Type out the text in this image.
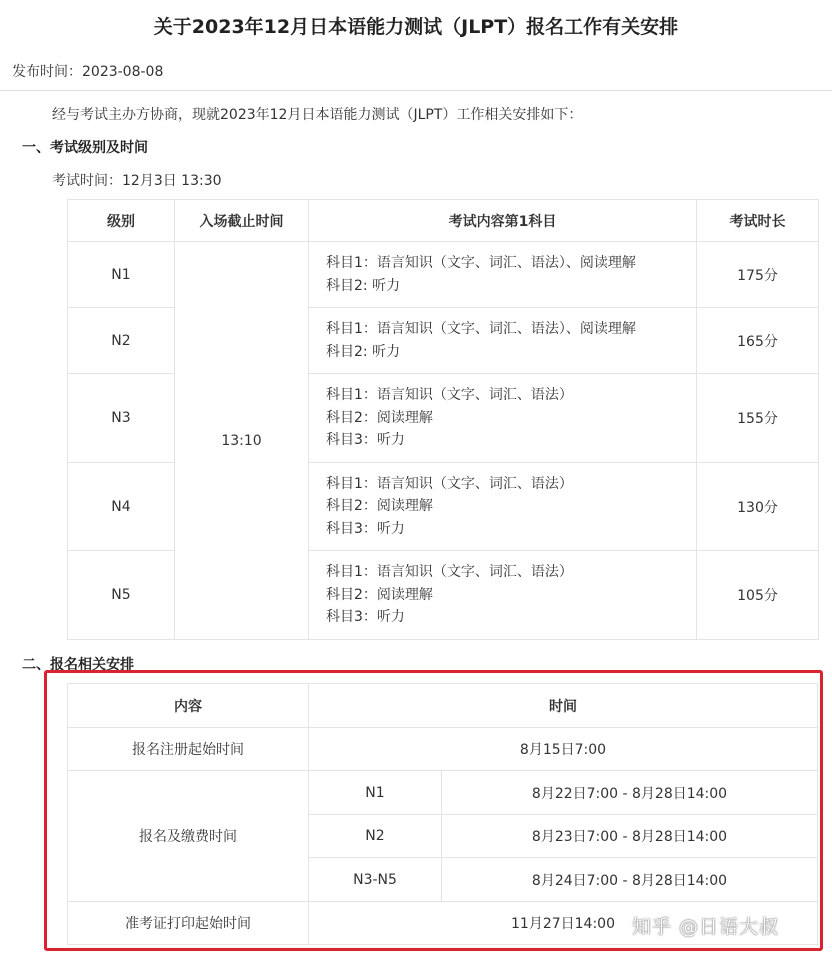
关于2023年12月日本语能力测试（JLPT）报名工作有关安排
发布时间：2023-08-08
经与考试主办方协商，现就2023年12月日本语能力测试（JLPT）工作相关安排如下：
一、考试级别及时间
考试时间：12月3日 13:30
级别	入场截止时间	考试内容第1科目	考试时长
N1	13:10	科目1：语言知识（文字、词汇、语法）、阅读理解
科目2: 听力	175分
N2		科目1：语言知识（文字、词汇、语法）、阅读理解
科目2: 听力	165分
N3		科目1：语言知识（文字、词汇、语法）
科目2：阅读理解
科目3：听力	155分
N4		科目1：语言知识（文字、词汇、语法）
科目2：阅读理解
科目3：听力	130分
N5		科目1：语言知识（文字、词汇、语法）
科目2：阅读理解
科目3：听力	105分
二、报名相关安排
内容	时间	
报名注册起始时间	8月15日7:00	
报名及缴费时间	N1	8月22日7:00 - 8月28日14:00
	N2	8月23日7:00 - 8月28日14:00
	N3-N5	8月24日7:00 - 8月28日14:00
准考证打印起始时间	11月27日14:00	知乎 @日语大叔
